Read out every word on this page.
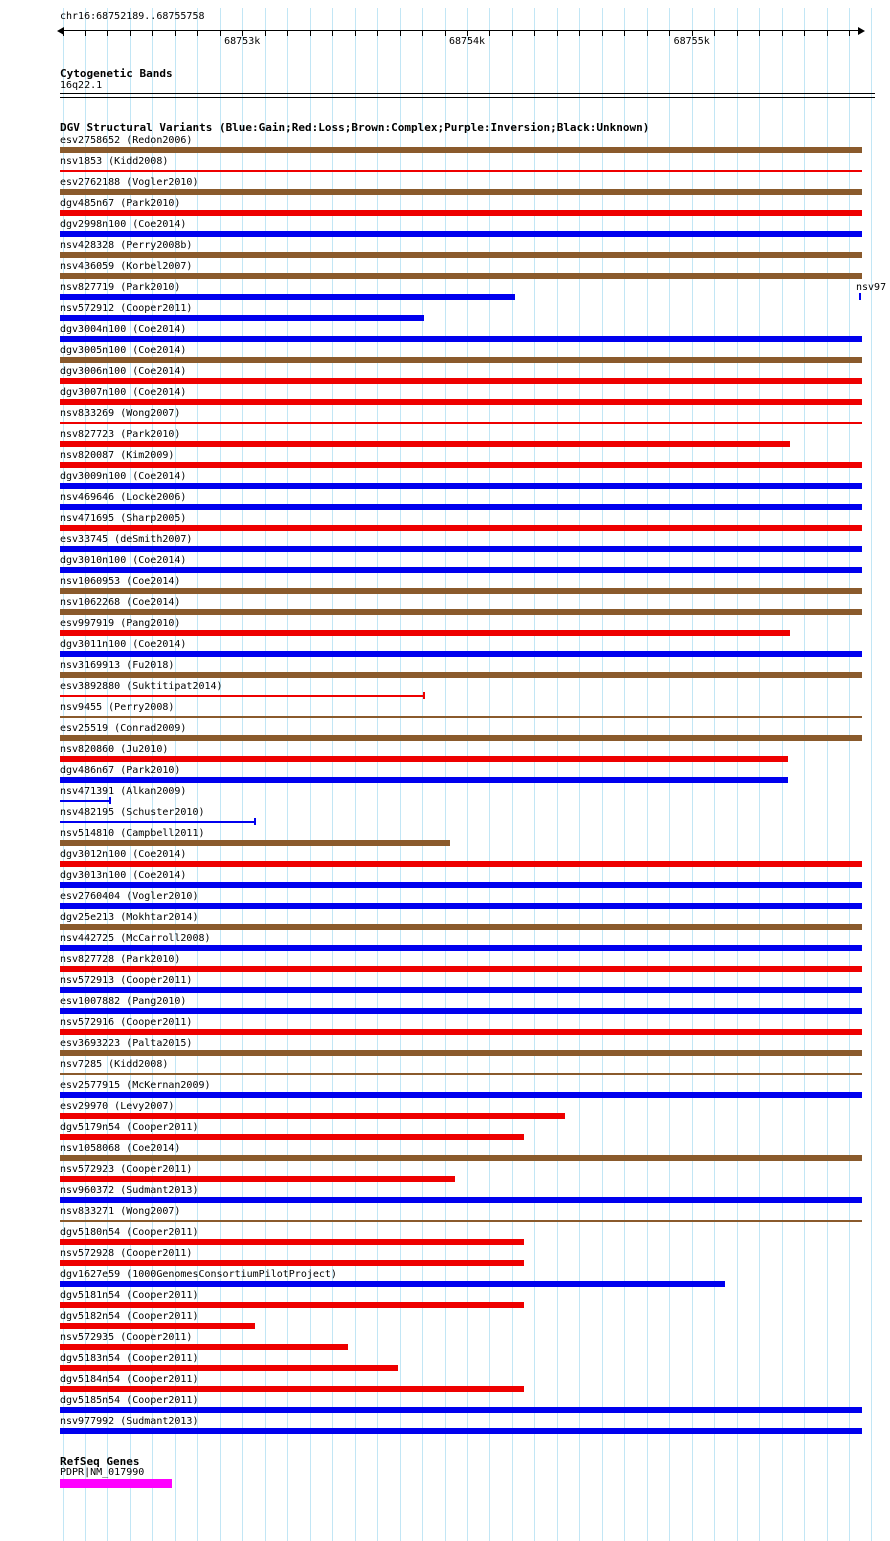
chr16:68752189..68755758
68753k	68754k	68755k
Cytogenetic Bands
16q22.1
DGV Structural Variants (Blue:Gain;Red:Loss;Brown:Complex;Purple:Inversion;Black:Unknown)
esv2758652 (Redon2006)
nsv1853 (Kidd2008)
esv2762188 (Vogler2010)
dgv485n67 (Park2010)
dgv2998n100 (Coe2014)
nsv428328 (Perry2008b)
nsv436059 (Korbel2007)
nsv827719 (Park2010)
nsv572912 (Cooper2011)
dgv3004n100 (Coe2014)
dgv3005n100 (Coe2014)
dgv3006n100 (Coe2014)
dgv3007n100 (Coe2014)
nsv833269 (Wong2007)
nsv827723 (Park2010)
nsv820087 (Kim2009)
dgv3009n100 (Coe2014)
nsv469646 (Locke2006)
nsv471695 (Sharp2005)
esv33745 (deSmith2007)
dgv3010n100 (Coe2014)
nsv1060953 (Coe2014)
nsv1062268 (Coe2014)
esv997919 (Pang2010)
dgv3011n100 (Coe2014)
nsv3169913 (Fu2018)
esv3892880 (Suktitipat2014)
nsv9455 (Perry2008)
esv25519 (Conrad2009)
nsv820860 (Ju2010)
dgv486n67 (Park2010)
nsv471391 (Alkan2009)
nsv482195 (Schuster2010)
nsv514810 (Campbell2011)
dgv3012n100 (Coe2014)
dgv3013n100 (Coe2014)
esv2760404 (Vogler2010)
dgv25e213 (Mokhtar2014)
nsv442725 (McCarroll2008)
nsv827728 (Park2010)
nsv572913 (Cooper2011)
esv1007882 (Pang2010)
nsv572916 (Cooper2011)
esv3693223 (Palta2015)
nsv7285 (Kidd2008)
esv2577915 (McKernan2009)
esv29970 (Levy2007)
dgv5179n54 (Cooper2011)
nsv1058068 (Coe2014)
nsv572923 (Cooper2011)
nsv960372 (Sudmant2013)
nsv833271 (Wong2007)
dgv5180n54 (Cooper2011)
nsv572928 (Cooper2011)
dgv1627e59 (1000GenomesConsortiumPilotProject)
dgv5181n54 (Cooper2011)
dgv5182n54 (Cooper2011)
nsv572935 (Cooper2011)
dgv5183n54 (Cooper2011)
dgv5184n54 (Cooper2011)
dgv5185n54 (Cooper2011)
nsv977992 (Sudmant2013)
nsv97
RefSeq Genes
PDPR|NM_017990
